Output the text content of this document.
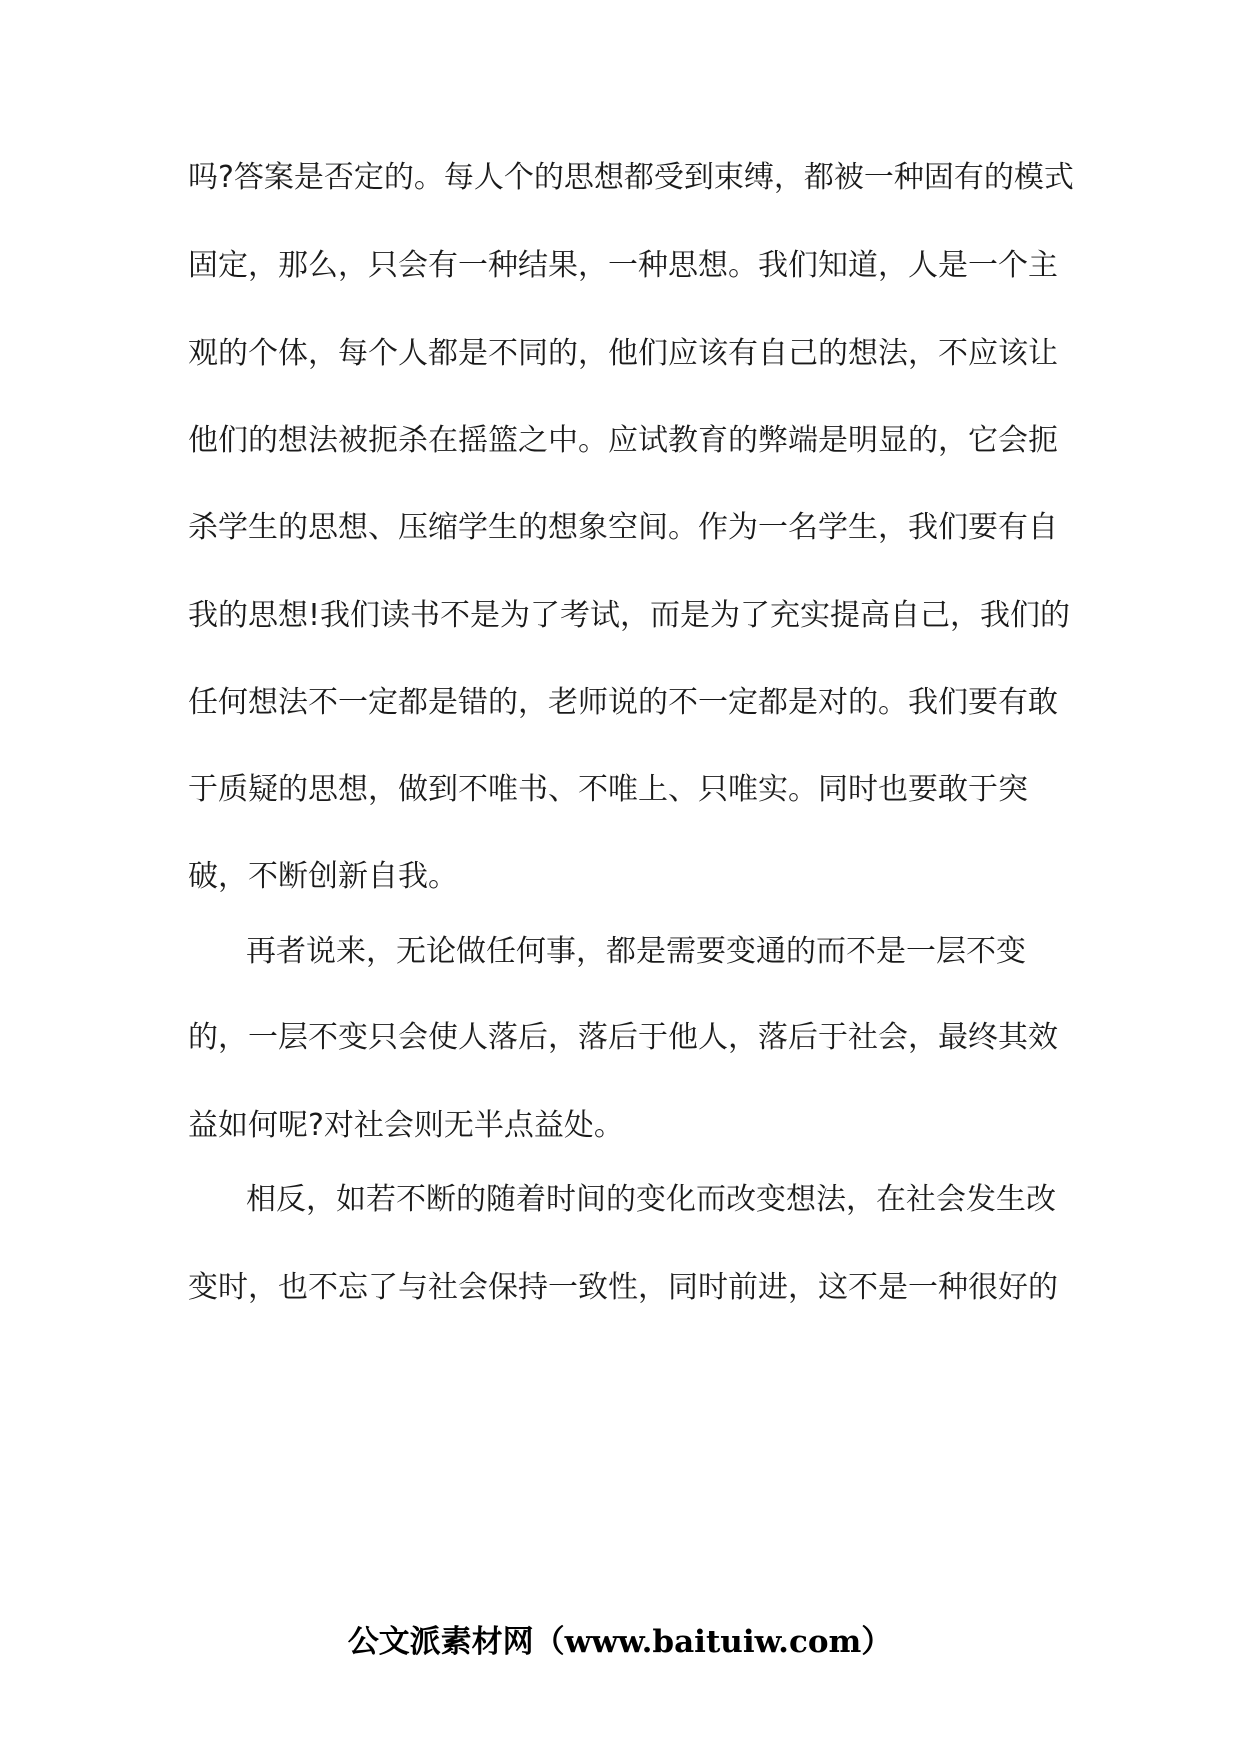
吗?答案是否定的。每人个的思想都受到束缚，都被一种固有的模式

固定，那么，只会有一种结果，一种思想。我们知道，人是一个主

观的个体，每个人都是不同的，他们应该有自己的想法，不应该让

他们的想法被扼杀在摇篮之中。应试教育的弊端是明显的，它会扼

杀学生的思想、压缩学生的想象空间。作为一名学生，我们要有自

我的思想!我们读书不是为了考试，而是为了充实提高自己，我们的

任何想法不一定都是错的，老师说的不一定都是对的。我们要有敢

于质疑的思想，做到不唯书、不唯上、只唯实。同时也要敢于突

破，不断创新自我。

再者说来，无论做任何事，都是需要变通的而不是一层不变

的，一层不变只会使人落后，落后于他人，落后于社会，最终其效

益如何呢?对社会则无半点益处。

相反，如若不断的随着时间的变化而改变想法，在社会发生改

变时，也不忘了与社会保持一致性，同时前进，这不是一种很好的

公文派素材网（www.baituiw.com）
